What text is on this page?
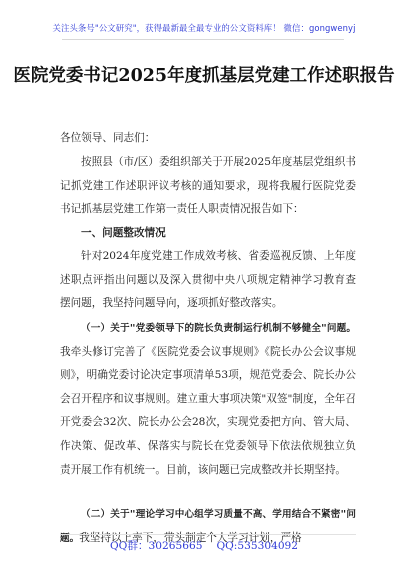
关注头条号"公文研究"，获得最新最全最专业的公文资料库！ 微信：gongwenyj
医院党委书记2025年度抓基层党建工作述职报告
各位领导、同志们：
按照县（市/区）委组织部关于开展2025年度基层党组织书记抓党建工作述职评议考核的通知要求，现将我履行医院党委书记抓基层党建工作第一责任人职责情况报告如下：
一、问题整改情况
针对2024年度党建工作成效考核、省委巡视反馈、上年度述职点评指出问题以及深入贯彻中央八项规定精神学习教育查摆问题，我坚持问题导向，逐项抓好整改落实。
（一）关于"党委领导下的院长负责制运行机制不够健全"问题。我牵头修订完善了《医院党委会议事规则》《院长办公会议事规则》，明确党委讨论决定事项清单53项，规范党委会、院长办公会召开程序和议事规则。建立重大事项决策"双签"制度，全年召开党委会32次、院长办公会28次，实现党委把方向、管大局、作决策、促改革、保落实与院长在党委领导下依法依规独立负责开展工作有机统一。目前，该问题已完成整改并长期坚持。
（二）关于"理论学习中心组学习质量不高、学用结合不紧密"问题。我坚持以上率下，带头制定个人学习计划，严格
QQ群：30265665 QQ:535304092
